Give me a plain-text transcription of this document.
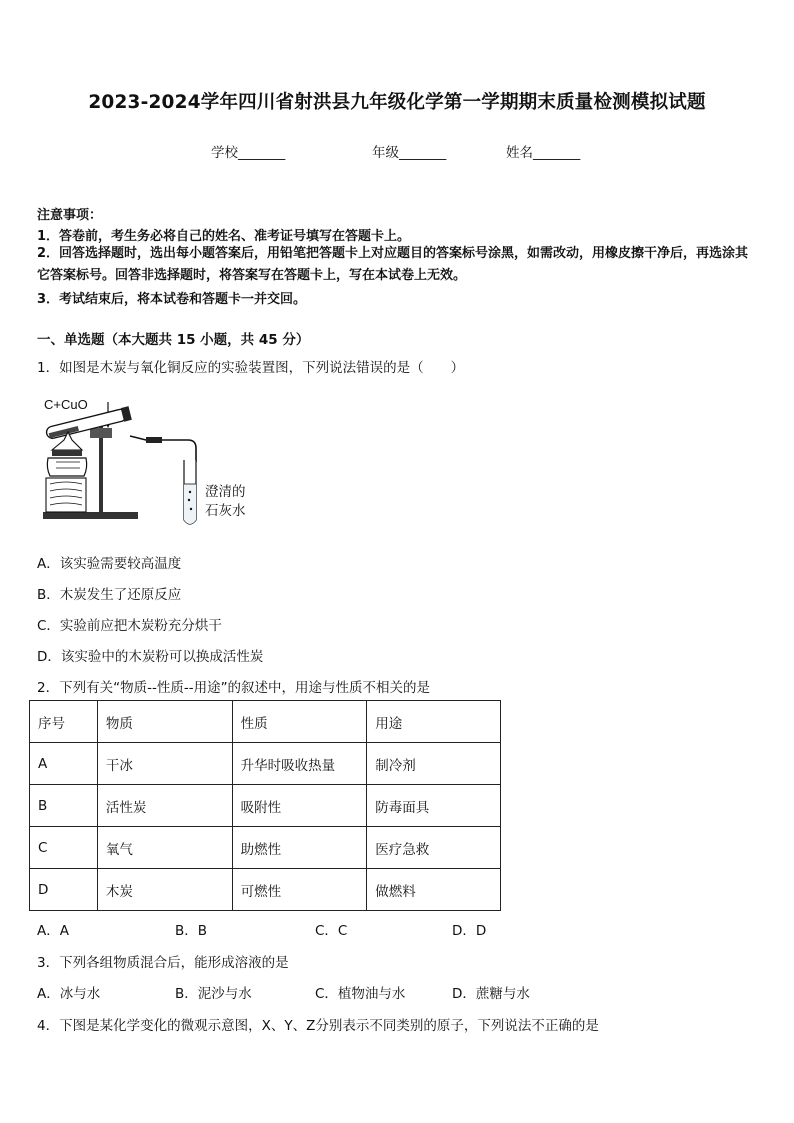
2023-2024学年四川省射洪县九年级化学第一学期期末质量检测模拟试题
学校_______	年级_______	姓名_______
注意事项：
1．答卷前，考生务必将自己的姓名、准考证号填写在答题卡上。
2．回答选择题时，选出每小题答案后，用铅笔把答题卡上对应题目的答案标号涂黑，如需改动，用橡皮擦干净后，再选涂其它答案标号。回答非选择题时，将答案写在答题卡上，写在本试卷上无效。
3．考试结束后，将本试卷和答题卡一并交回。
一、单选题（本大题共 15 小题，共 45 分）
1．如图是木炭与氧化铜反应的实验装置图，下列说法错误的是（　　）
C+CuO
澄清的
石灰水
A．该实验需要较高温度
B．木炭发生了还原反应
C．实验前应把木炭粉充分烘干
D．该实验中的木炭粉可以换成活性炭
2．下列有关“物质--性质--用途”的叙述中，用途与性质不相关的是
序号	物质	性质	用途
A	干冰	升华时吸收热量	制冷剂
B	活性炭	吸附性	防毒面具
C	氧气	助燃性	医疗急救
D	木炭	可燃性	做燃料
A．A	B．B	C．C	D．D
3．下列各组物质混合后，能形成溶液的是
A．冰与水	B．泥沙与水	C．植物油与水	D．蔗糖与水
4．下图是某化学变化的微观示意图，X、Y、Z分别表示不同类别的原子，下列说法不正确的是
